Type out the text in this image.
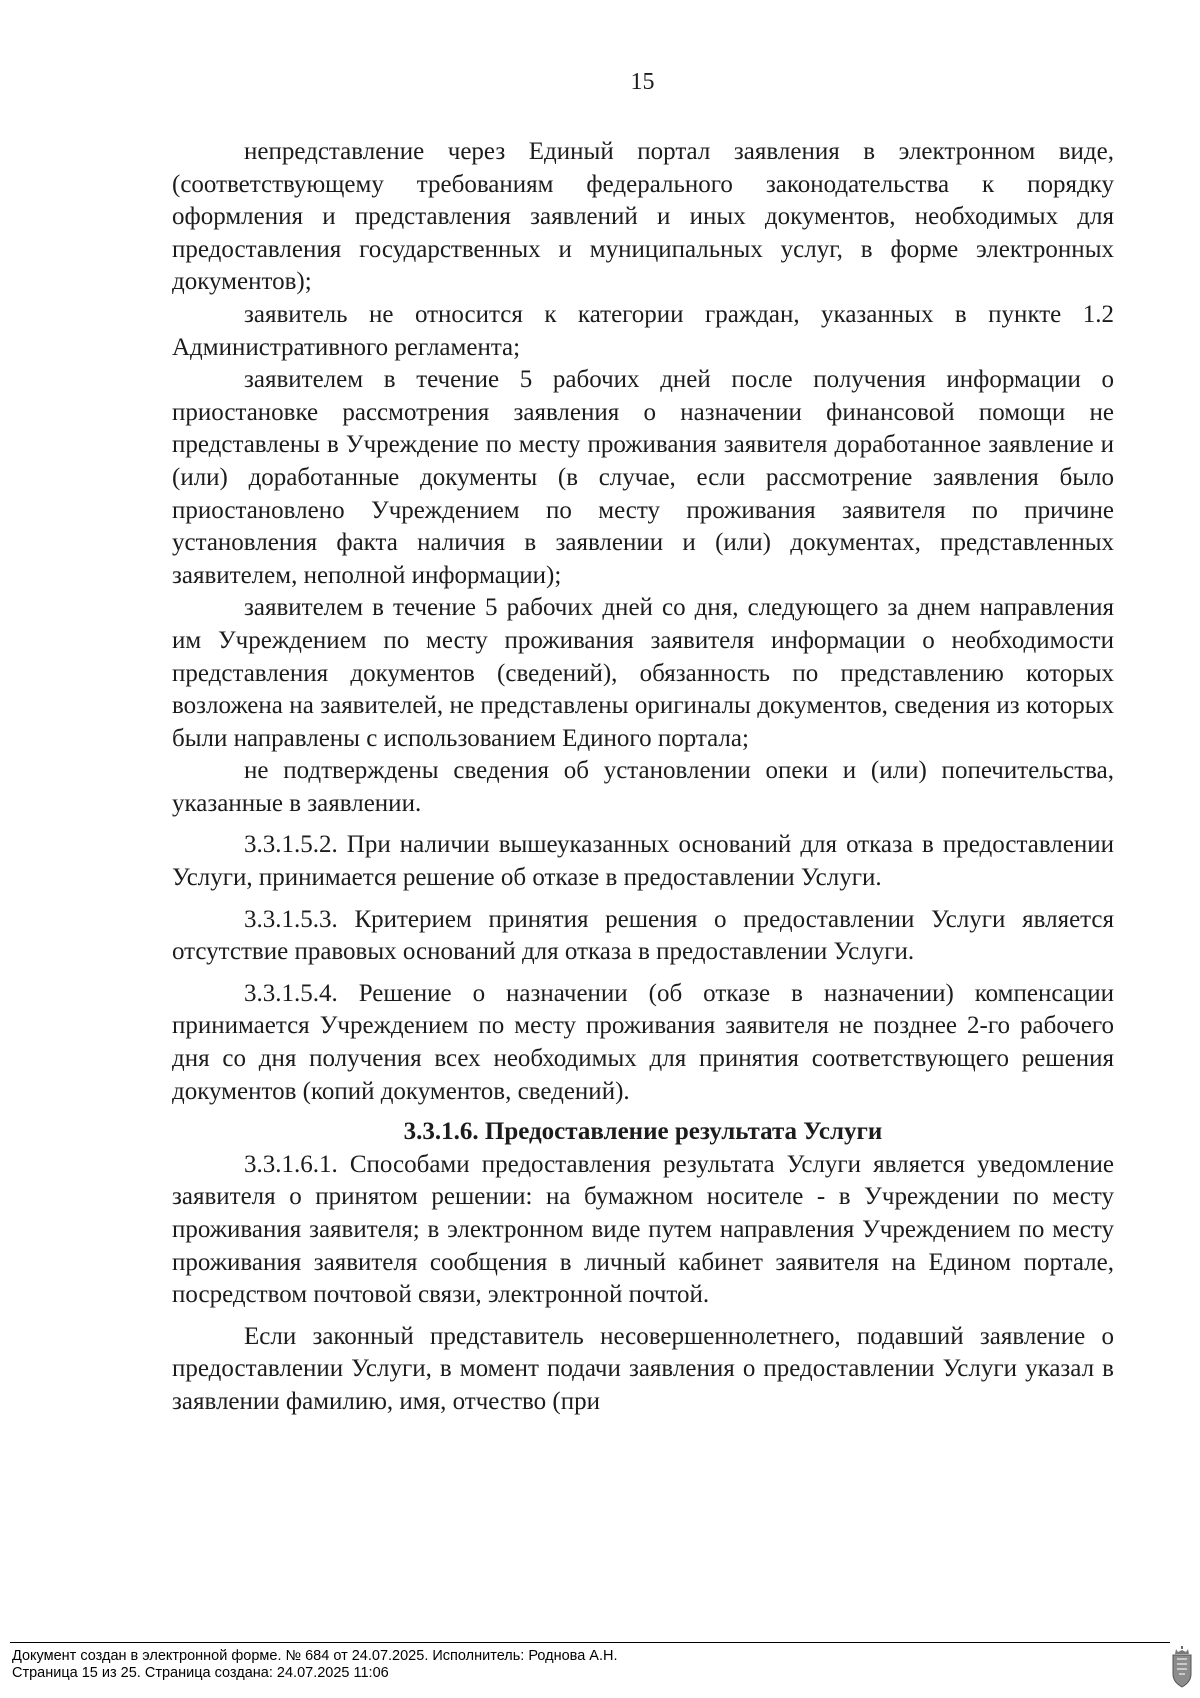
15

непредставление через Единый портал заявления в электронном виде, (соответствующему требованиям федерального законодательства к порядку оформления и представления заявлений и иных документов, необходимых для предоставления государственных и муниципальных услуг, в форме электронных документов);

заявитель не относится к категории граждан, указанных в пункте 1.2 Административного регламента;

заявителем в течение 5 рабочих дней после получения информации о приостановке рассмотрения заявления о назначении финансовой помощи не представлены в Учреждение по месту проживания заявителя доработанное заявление и (или) доработанные документы (в случае, если рассмотрение заявления было приостановлено Учреждением по месту проживания заявителя по причине установления факта наличия в заявлении и (или) документах, представленных заявителем, неполной информации);

заявителем в течение 5 рабочих дней со дня, следующего за днем направления им Учреждением по месту проживания заявителя информации о необходимости представления документов (сведений), обязанность по представлению которых возложена на заявителей, не представлены оригиналы документов, сведения из которых были направлены с использованием Единого портала;

не подтверждены сведения об установлении опеки и (или) попечительства, указанные в заявлении.

3.3.1.5.2. При наличии вышеуказанных оснований для отказа в предоставлении Услуги, принимается решение об отказе в предоставлении Услуги.

3.3.1.5.3. Критерием принятия решения о предоставлении Услуги является отсутствие правовых оснований для отказа в предоставлении Услуги.

3.3.1.5.4. Решение о назначении (об отказе в назначении) компенсации принимается Учреждением по месту проживания заявителя не позднее 2-го рабочего дня со дня получения всех необходимых для принятия соответствующего решения документов (копий документов, сведений).

3.3.1.6. Предоставление результата Услуги

3.3.1.6.1. Способами предоставления результата Услуги является уведомление заявителя о принятом решении: на бумажном носителе - в Учреждении по месту проживания заявителя; в электронном виде путем направления Учреждением по месту проживания заявителя сообщения в личный кабинет заявителя на Едином портале, посредством почтовой связи, электронной почтой.

Если законный представитель несовершеннолетнего, подавший заявление о предоставлении Услуги, в момент подачи заявления о предоставлении Услуги указал в заявлении фамилию, имя, отчество (при

Документ создан в электронной форме. № 684 от 24.07.2025. Исполнитель: Роднова А.Н.
Страница 15 из 25. Страница создана: 24.07.2025 11:06
